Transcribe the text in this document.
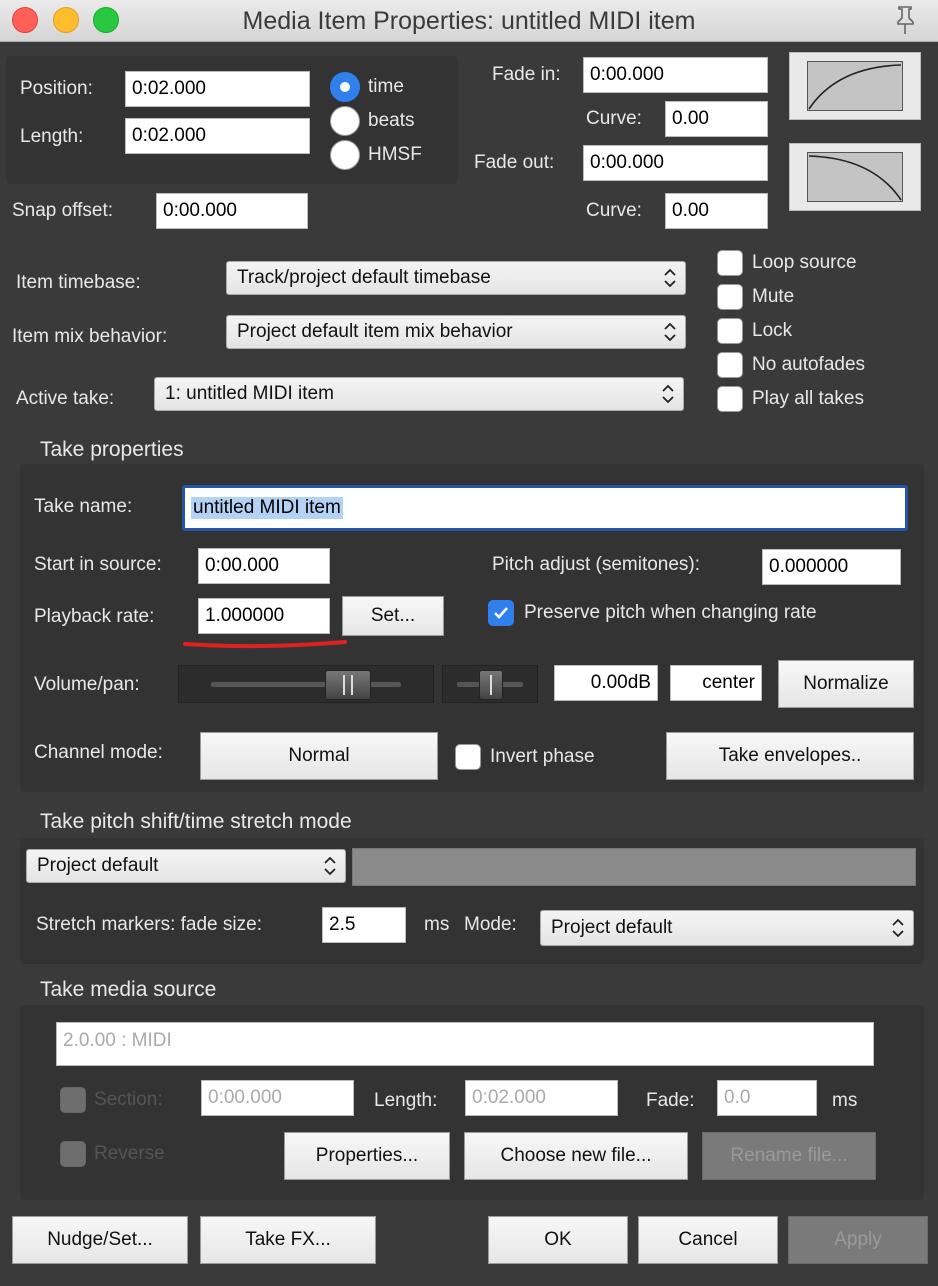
Media Item Properties: untitled MIDI item
Position:	0:02.000
Length:	0:02.000
time
beats
HMSF
Snap offset:	0:00.000
Fade in:	0:00.000
Curve:	0.00
Fade out:	0:00.000
Curve:	0.00
Item timebase:	Track/project default timebase
Item mix behavior:	Project default item mix behavior
Active take:	1: untitled MIDI item
Loop source
Mute
Lock
No autofades
Play all takes
Take properties
Take name:	untitled MIDI item
Start in source:	0:00.000	Pitch adjust (semitones):	0.000000
Playback rate:	1.000000	Set...	Preserve pitch when changing rate
Volume/pan:	0.00dB	center	Normalize
Channel mode:	Normal	Invert phase	Take envelopes..
Take pitch shift/time stretch mode
Project default
Stretch markers: fade size:	2.5	ms Mode: Project default
Take media source
2.0.00 : MIDI
Section:	0:00.000	Length:	0:02.000	Fade:	0.0	ms
Reverse	Properties...	Choose new file...	Rename file...
Nudge/Set...	Take FX...	OK	Cancel	Apply
